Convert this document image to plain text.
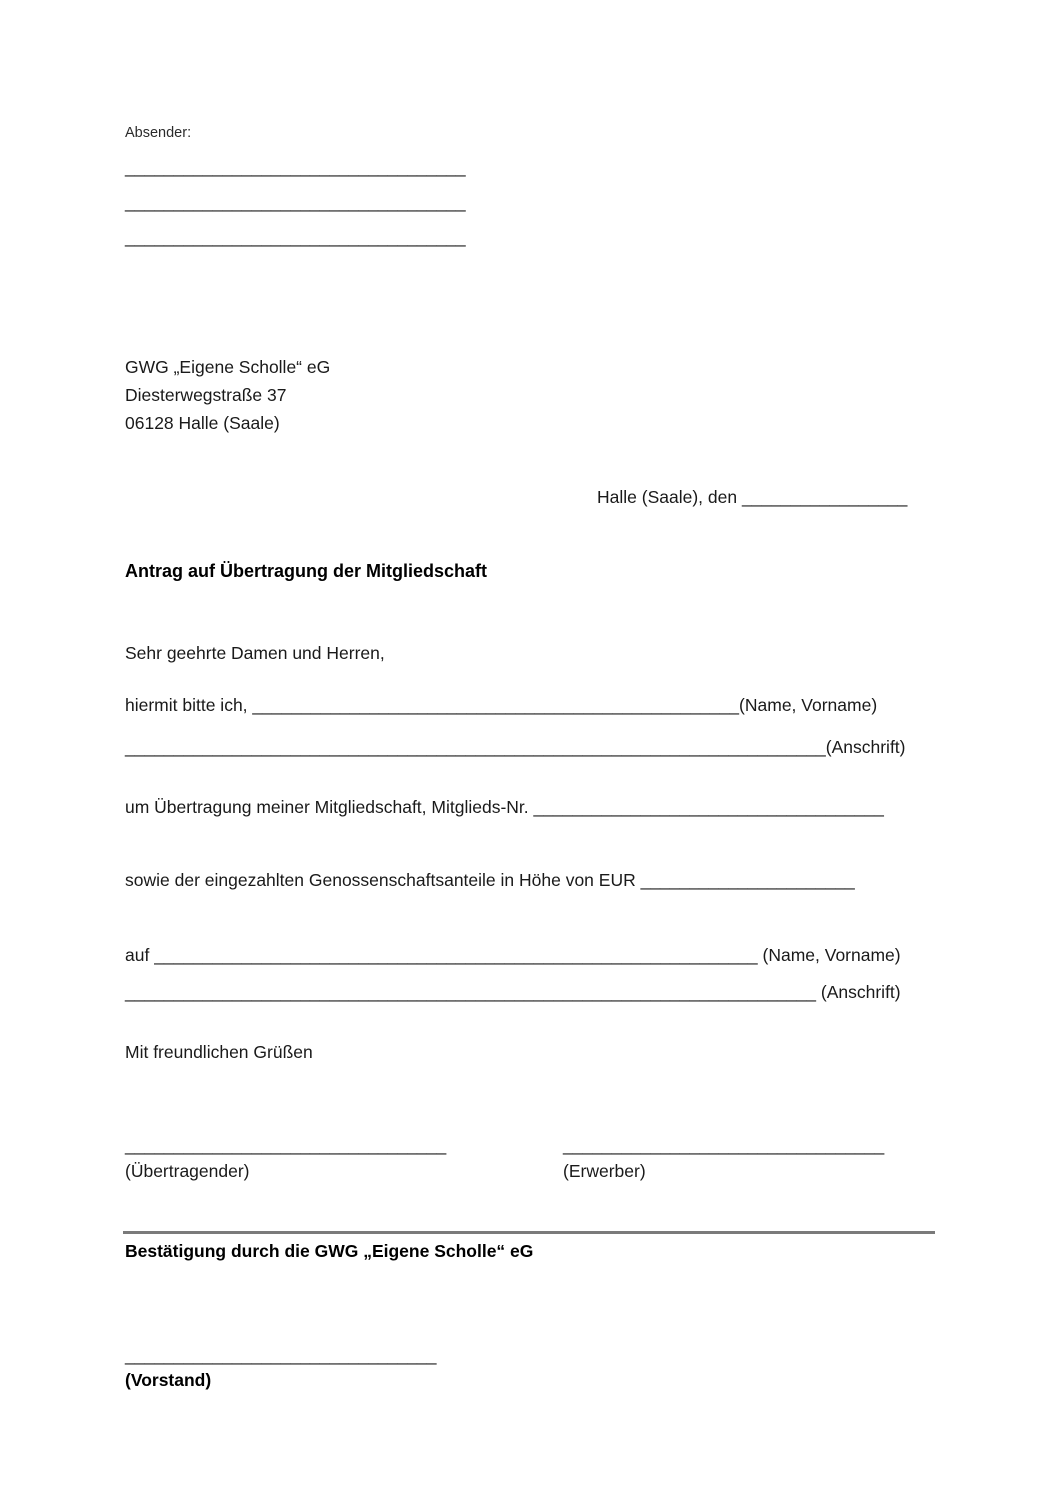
Absender:
___________________________________
___________________________________
___________________________________
GWG „Eigene Scholle“ eG
Diesterwegstraße 37
06128 Halle (Saale)
Halle (Saale), den _________________
Antrag auf Übertragung der Mitgliedschaft
Sehr geehrte Damen und Herren,
hiermit bitte ich, __________________________________________________(Name, Vorname)
________________________________________________________________________(Anschrift)
um Übertragung meiner Mitgliedschaft, Mitglieds-Nr. ____________________________________
sowie der eingezahlten Genossenschaftsanteile in Höhe von EUR ______________________
auf ______________________________________________________________ (Name, Vorname)
_______________________________________________________________________ (Anschrift)
Mit freundlichen Grüßen
_________________________________	_________________________________
(Übertragender)	(Erwerber)
Bestätigung durch die GWG „Eigene Scholle“ eG
________________________________
(Vorstand)
